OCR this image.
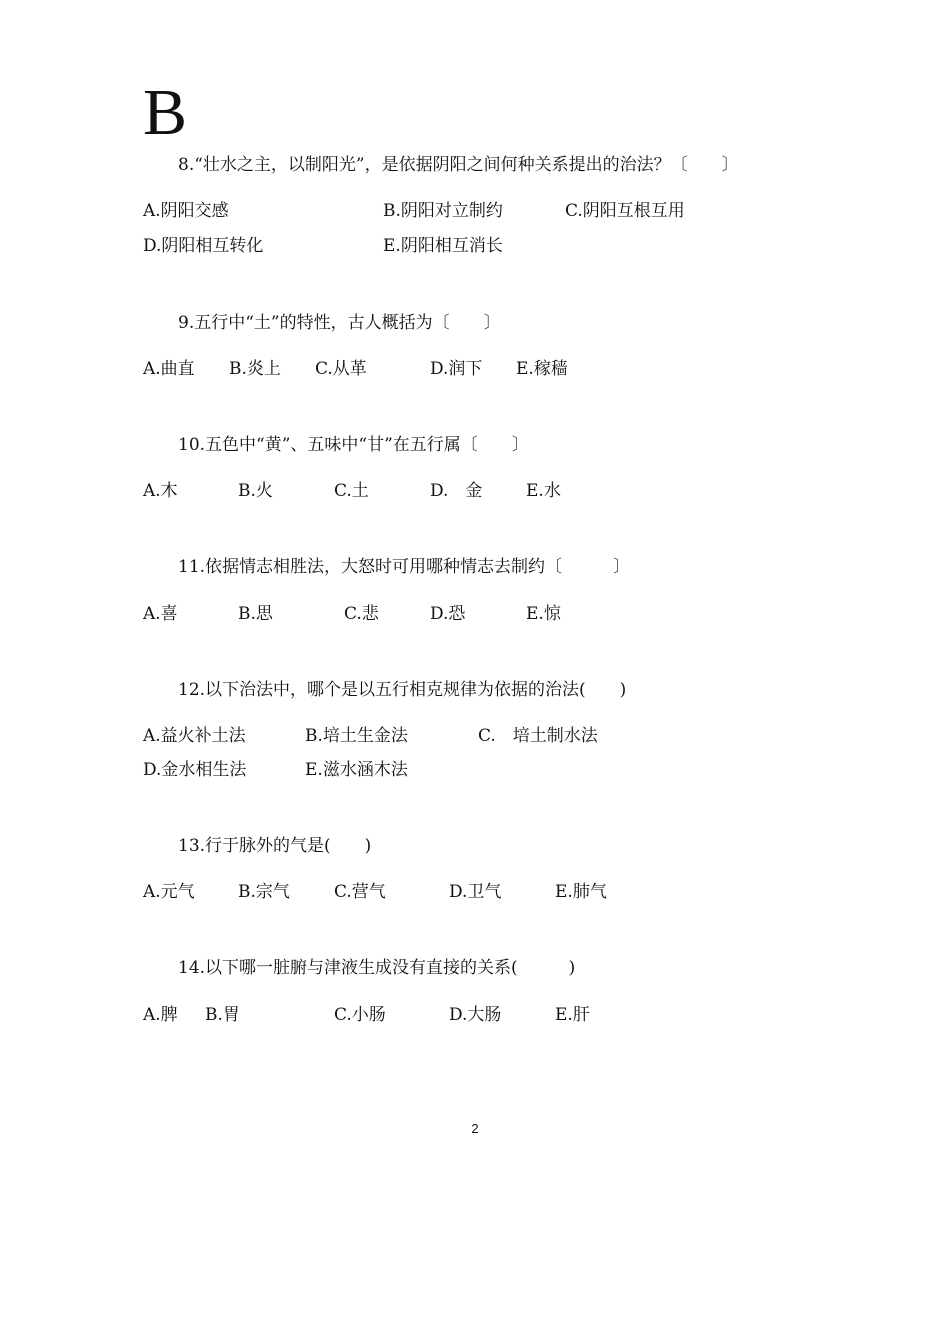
B
8.“壮水之主，以制阳光”，是依据阴阳之间何种关系提出的治法？〔　　〕
A.阴阳交感	B.阴阳对立制约	C.阴阳互根互用
D.阴阳相互转化	E.阴阳相互消长
9.五行中“土”的特性，古人概括为〔　　〕
A.曲直 B.炎上 C.从革	D.润下 E.稼穑
10.五色中“黄”、五味中“甘”在五行属〔　　〕
A.木	B.火	C.土	D.　金	E.水
11.依据情志相胜法，大怒时可用哪种情志去制约〔　　　〕
A.喜	B.思	C.悲	D.恐	E.惊
12.以下治法中，哪个是以五行相克规律为依据的治法(　　)
A.益火补土法	B.培土生金法	C.　培土制水法
D.金水相生法	E.滋水涵木法
13.行于脉外的气是(　　)
A.元气	B.宗气	C.营气	D.卫气	E.肺气
14.以下哪一脏腑与津液生成没有直接的关系(　　　)
A.脾 B.胃	C.小肠	D.大肠	E.肝
2
